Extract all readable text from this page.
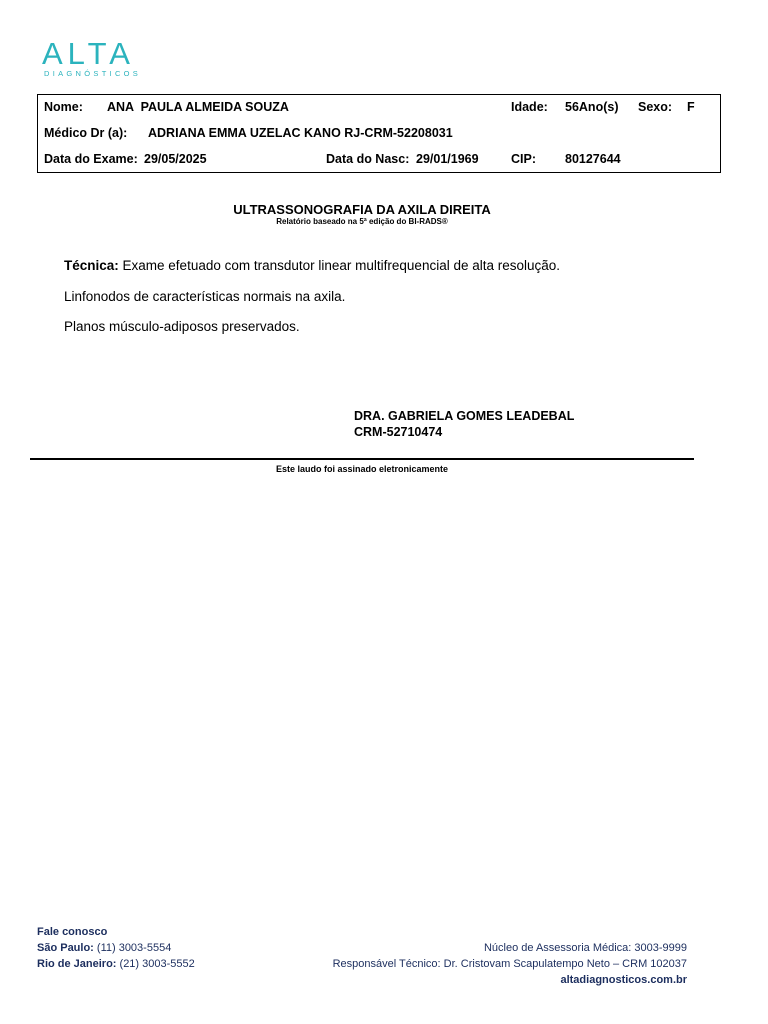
ALTA
DIAGNÓSTICOS
Nome: ANA  PAULA ALMEIDA SOUZA	Idade: 56Ano(s) Sexo: F
Médico Dr (a): ADRIANA EMMA UZELAC KANO RJ-CRM-52208031
Data do Exame: 29/05/2025	Data do Nasc: 29/01/1969	CIP: 80127644
ULTRASSONOGRAFIA DA AXILA DIREITA
Relatório baseado na 5ª edição do BI-RADS®
Técnica: Exame efetuado com transdutor linear multifrequencial de alta resolução.
Linfonodos de características normais na axila.
Planos músculo-adiposos preservados.
DRA. GABRIELA GOMES LEADEBAL
CRM-52710474
Este laudo foi assinado eletronicamente
Fale conosco
São Paulo: (11) 3003-5554
Rio de Janeiro: (21) 3003-5552
Núcleo de Assessoria Médica: 3003-9999
Responsável Técnico: Dr. Cristovam Scapulatempo Neto – CRM 102037
altadiagnosticos.com.br
